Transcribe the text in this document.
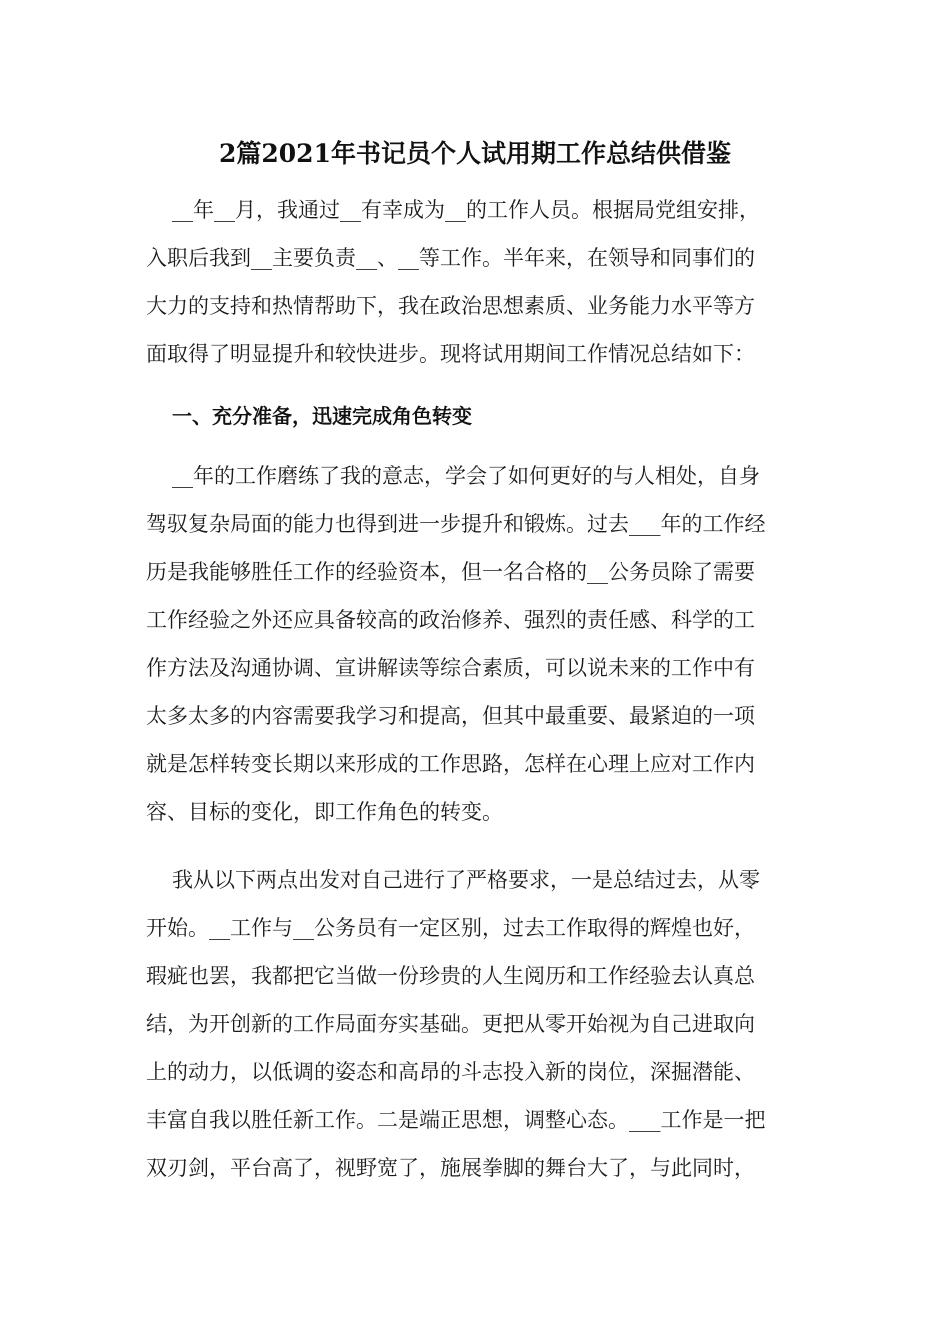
2篇2021年书记员个人试用期工作总结供借鉴
__年__月，我通过__有幸成为__的工作人员。根据局党组安排，
入职后我到__主要负责__、__等工作。半年来，在领导和同事们的
大力的支持和热情帮助下，我在政治思想素质、业务能力水平等方
面取得了明显提升和较快进步。现将试用期间工作情况总结如下：
一、充分准备，迅速完成角色转变
__年的工作磨练了我的意志，学会了如何更好的与人相处，自身
驾驭复杂局面的能力也得到进一步提升和锻炼。过去___年的工作经
历是我能够胜任工作的经验资本，但一名合格的__公务员除了需要
工作经验之外还应具备较高的政治修养、强烈的责任感、科学的工
作方法及沟通协调、宣讲解读等综合素质，可以说未来的工作中有
太多太多的内容需要我学习和提高，但其中最重要、最紧迫的一项
就是怎样转变长期以来形成的工作思路，怎样在心理上应对工作内
容、目标的变化，即工作角色的转变。
我从以下两点出发对自己进行了严格要求，一是总结过去，从零
开始。__工作与__公务员有一定区别，过去工作取得的辉煌也好，
瑕疵也罢，我都把它当做一份珍贵的人生阅历和工作经验去认真总
结，为开创新的工作局面夯实基础。更把从零开始视为自己进取向
上的动力，以低调的姿态和高昂的斗志投入新的岗位，深掘潜能、
丰富自我以胜任新工作。二是端正思想，调整心态。___工作是一把
双刃剑，平台高了，视野宽了，施展拳脚的舞台大了，与此同时，
